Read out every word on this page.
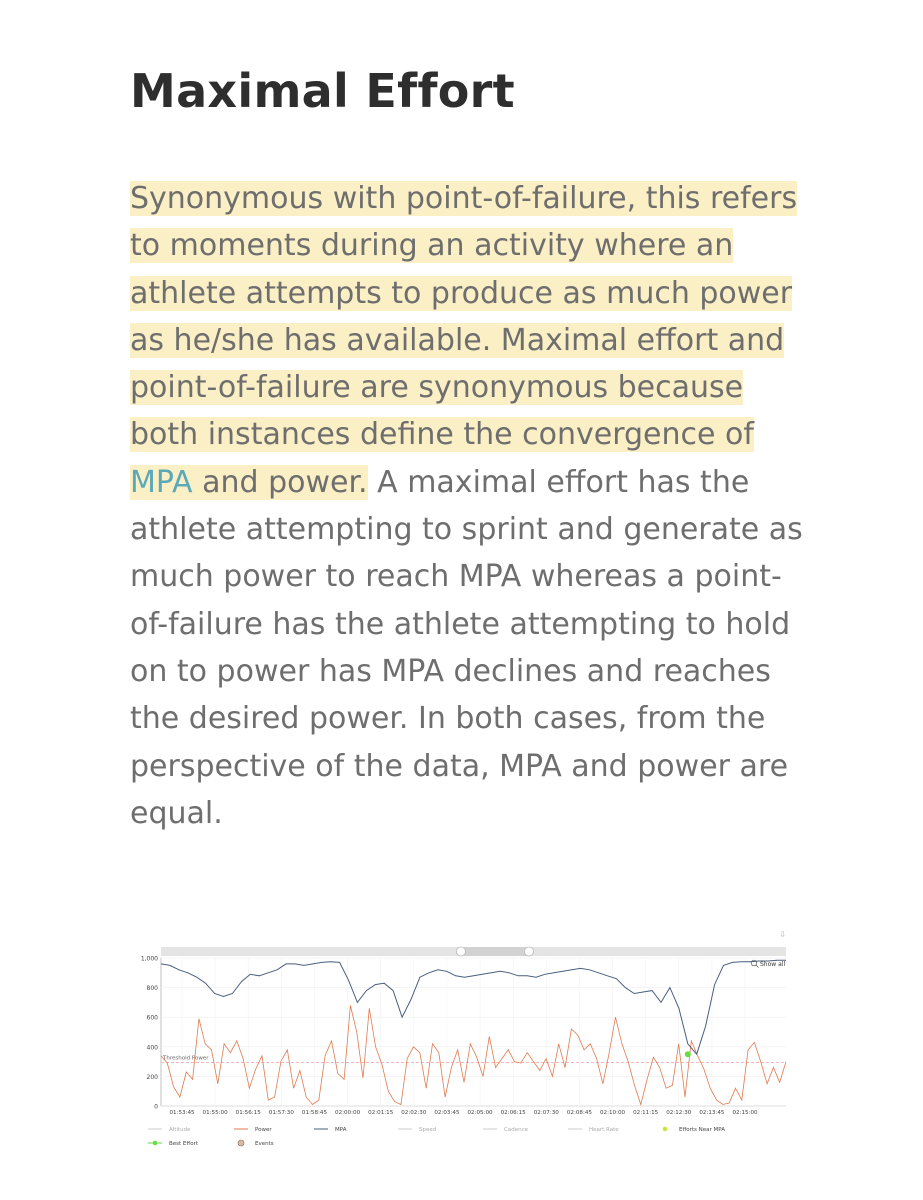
Maximal Effort

Synonymous with point-of-failure, this refers to moments during an activity where an athlete attempts to produce as much power as he/she has available. Maximal effort and point-of-failure are synonymous because both instances define the convergence of MPA and power. A maximal effort has the athlete attempting to sprint and generate as much power to reach MPA whereas a point-of-failure has the athlete attempting to hold on to power has MPA declines and reaches the desired power. In both cases, from the perspective of the data, MPA and power are equal.

⇩
0
200
400
600
800
1,000
01:53:45 01:55:00 01:56:15 01:57:30 01:58:45 02:00:00 02:01:15 02:02:30 02:03:45 02:05:00 02:06:15 02:07:30 02:08:45 02:10:00 02:11:15 02:12:30 02:13:45 02:15:00
Threshold Power
Show all
Altitude	Power	MPA	Speed	Cadence	Heart Rate	Efforts Near MPA
Best Effort	Events
